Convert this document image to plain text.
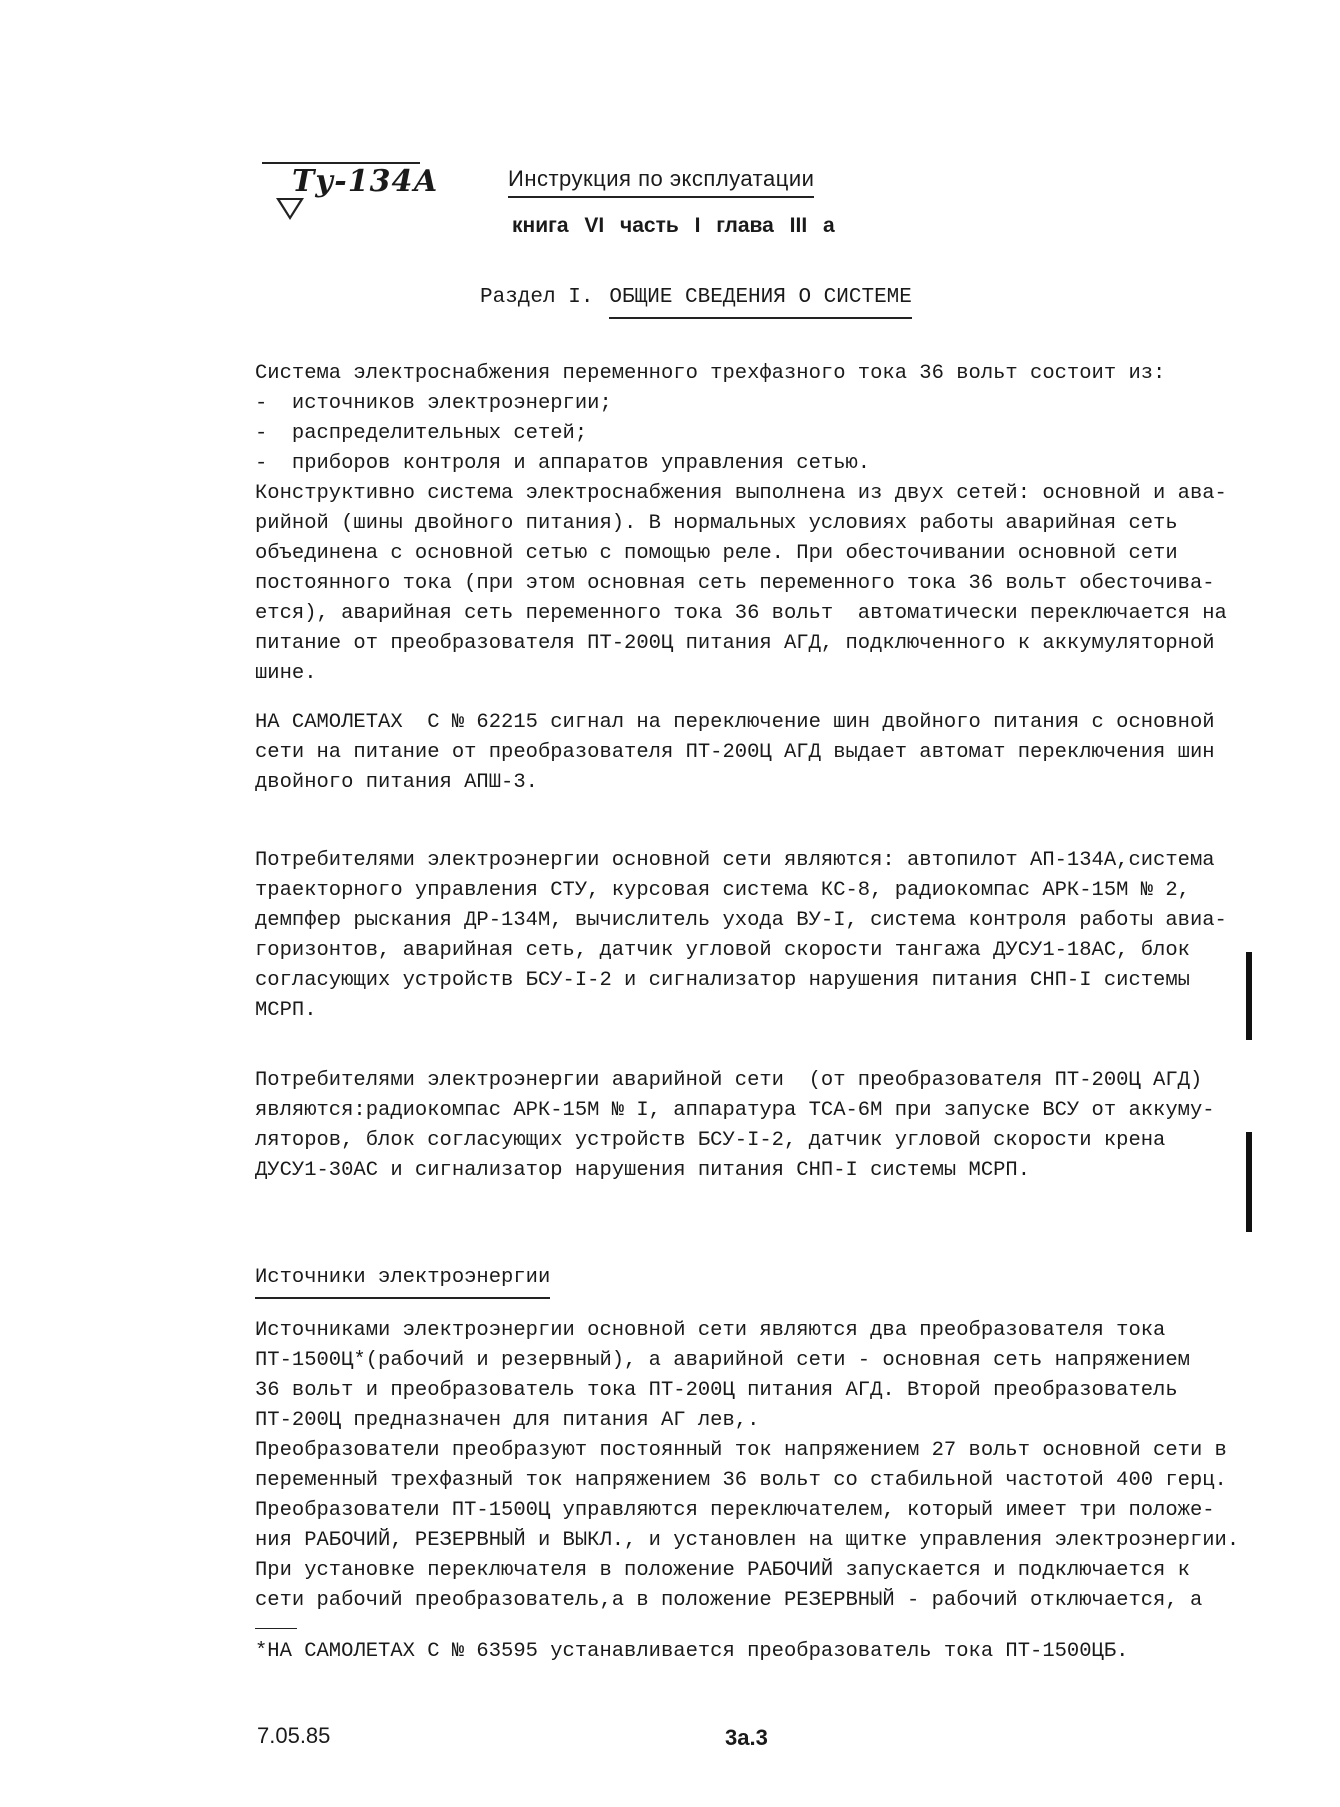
Ту-134А	Инструкция по эксплуатации
книга VI часть I глава III а
Раздел I. ОБЩИЕ СВЕДЕНИЯ О СИСТЕМЕ
Система электроснабжения переменного трехфазного тока 36 вольт состоит из:
-  источников электроэнергии;
-  распределительных сетей;
-  приборов контроля и аппаратов управления сетью.
Конструктивно система электроснабжения выполнена из двух сетей: основной и ава-
рийной (шины двойного питания). В нормальных условиях работы аварийная сеть
объединена с основной сетью с помощью реле. При обесточивании основной сети
постоянного тока (при этом основная сеть переменного тока 36 вольт обесточива-
ется), аварийная сеть переменного тока 36 вольт  автоматически переключается на
питание от преобразователя ПТ-200Ц питания АГД, подключенного к аккумуляторной
шине.
НА САМОЛЕТАХ  С № 62215 сигнал на переключение шин двойного питания с основной
сети на питание от преобразователя ПТ-200Ц АГД выдает автомат переключения шин
двойного питания АПШ-3.
Потребителями электроэнергии основной сети являются: автопилот АП-134А,система
траекторного управления СТУ, курсовая система КС-8, радиокомпас АРК-15М № 2,
демпфер рыскания ДР-134М, вычислитель ухода ВУ-I, система контроля работы авиа-
горизонтов, аварийная сеть, датчик угловой скорости тангажа ДУСУ1-18АС, блок
согласующих устройств БСУ-I-2 и сигнализатор нарушения питания СНП-I системы
МСРП.
Потребителями электроэнергии аварийной сети  (от преобразователя ПТ-200Ц АГД)
являются:радиокомпас АРК-15М № I, аппаратура ТСА-6М при запуске ВСУ от аккуму-
ляторов, блок согласующих устройств БСУ-I-2, датчик угловой скорости крена
ДУСУ1-30АС и сигнализатор нарушения питания СНП-I системы МСРП.
Источники электроэнергии
Источниками электроэнергии основной сети являются два преобразователя тока
ПТ-1500Ц*(рабочий и резервный), а аварийной сети - основная сеть напряжением
36 вольт и преобразователь тока ПТ-200Ц питания АГД. Второй преобразователь
ПТ-200Ц предназначен для питания АГ лев,.
Преобразователи преобразуют постоянный ток напряжением 27 вольт основной сети в
переменный трехфазный ток напряжением 36 вольт со стабильной частотой 400 герц.
Преобразователи ПТ-1500Ц управляются переключателем, который имеет три положе-
ния РАБОЧИЙ, РЕЗЕРВНЫЙ и ВЫКЛ., и установлен на щитке управления электроэнергии.
При установке переключателя в положение РАБОЧИЙ запускается и подключается к
сети рабочий преобразователь,а в положение РЕЗЕРВНЫЙ - рабочий отключается, а
*НА САМОЛЕТАХ С № 63595 устанавливается преобразователь тока ПТ-1500ЦБ.
7.05.85	3а.3
